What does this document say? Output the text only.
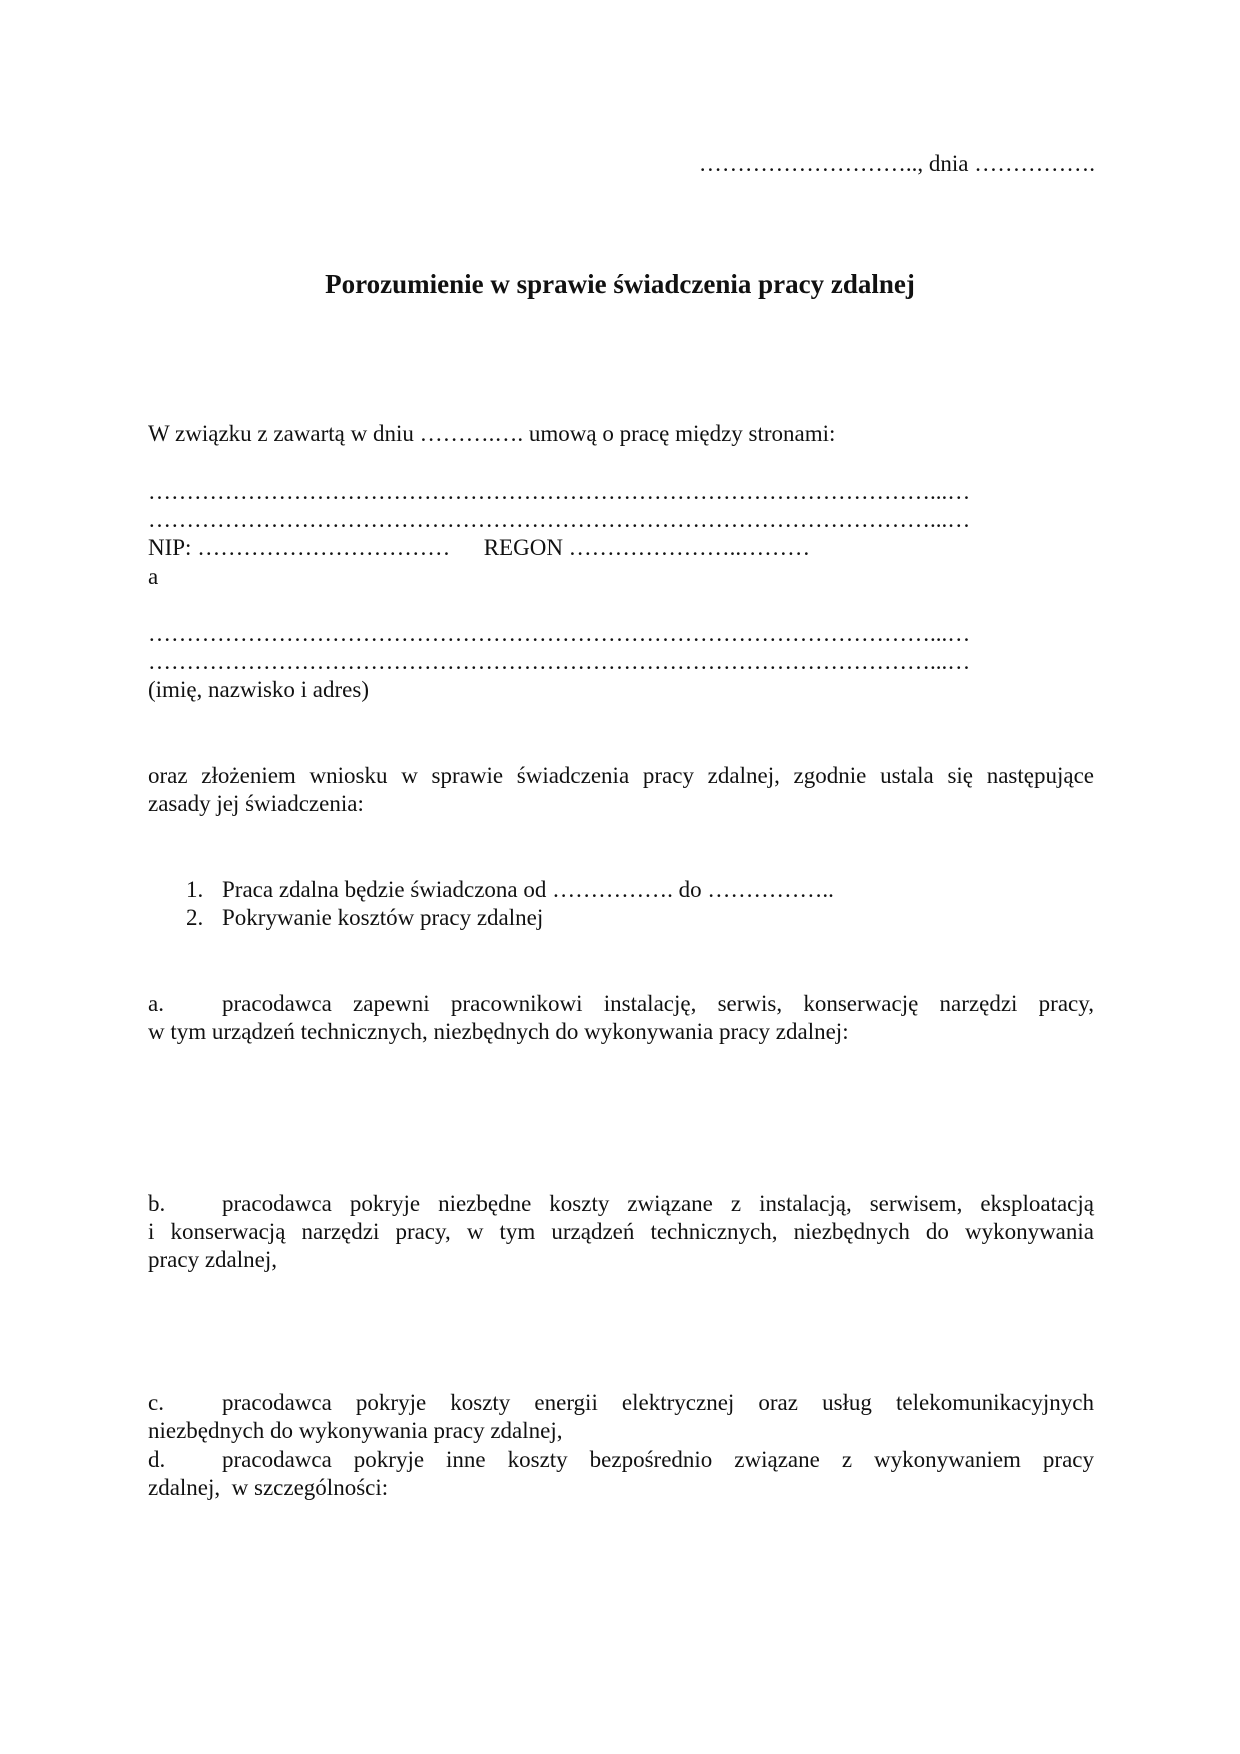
……………………….., dnia …………….
Porozumienie w sprawie świadczenia pracy zdalnej
W związku z zawartą w dniu ……….…. umową o pracę między stronami:
…………………………………………………………………………………………...…
…………………………………………………………………………………………...…
NIP: …………………………… REGON …………………..………
a
…………………………………………………………………………………………...…
…………………………………………………………………………………………...…
(imię, nazwisko i adres)
oraz złożeniem wniosku w sprawie świadczenia pracy zdalnej, zgodnie ustala się następujące
zasady jej świadczenia:
1. Praca zdalna będzie świadczona od ……………. do ……………..
2. Pokrywanie kosztów pracy zdalnej
a.	pracodawca zapewni pracownikowi instalację, serwis, konserwację narzędzi pracy,
w tym urządzeń technicznych, niezbędnych do wykonywania pracy zdalnej:
b.	pracodawca pokryje niezbędne koszty związane z instalacją, serwisem, eksploatacją
i konserwacją narzędzi pracy, w tym urządzeń technicznych, niezbędnych do wykonywania
pracy zdalnej,
c.	pracodawca pokryje koszty energii elektrycznej oraz usług telekomunikacyjnych
niezbędnych do wykonywania pracy zdalnej,
d.	pracodawca pokryje inne koszty bezpośrednio związane z wykonywaniem pracy
zdalnej,  w szczególności:
